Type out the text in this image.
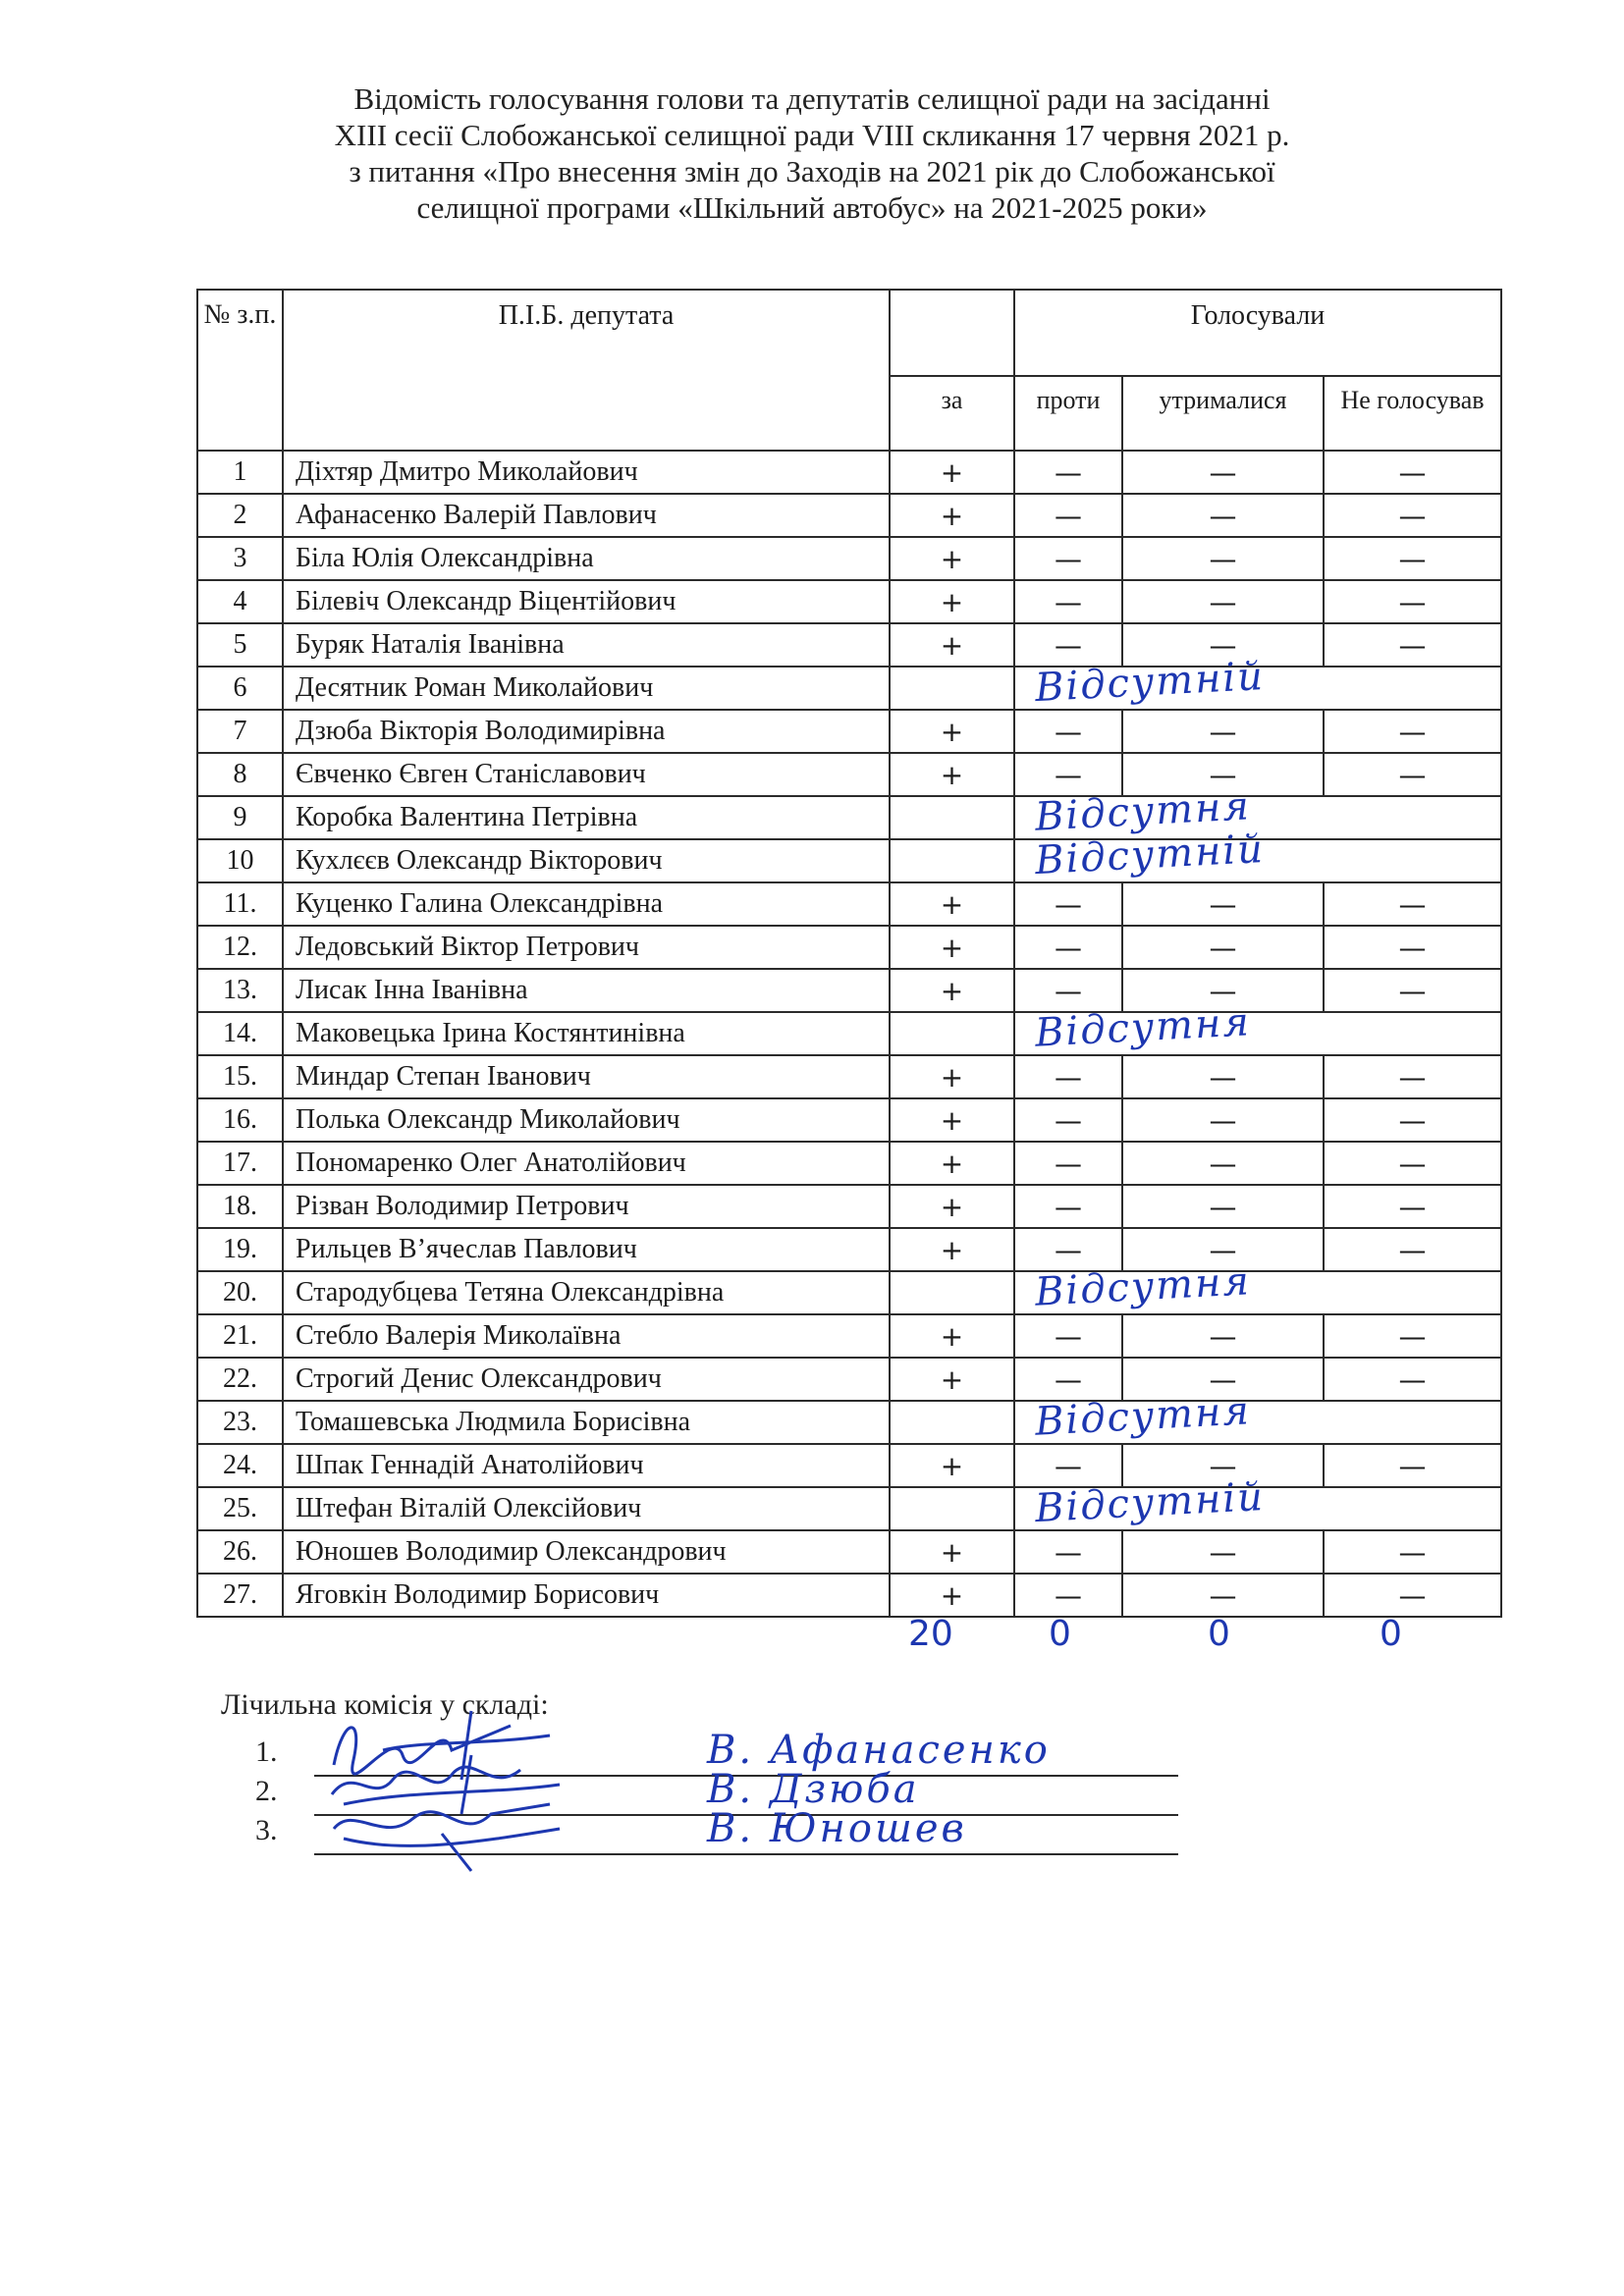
Відомість голосування голови та депутатів селищної ради на засіданні
XIII сесії Слобожанської селищної ради VIII скликання 17 червня 2021 р.
з питання «Про внесення змін до Заходів на 2021 рік до Слобожанської
селищної програми «Шкільний автобус» на 2021-2025 роки»
№ з.п.	П.І.Б. депутата		Голосували		

		за	проти	утрималися	Не голосував

1	Діхтяр Дмитро Миколайович	+	—	—	—
2	Афанасенко Валерій Павлович	+	—	—	—
3	Біла Юлія Олександрівна	+	—	—	—
4	Білевіч Олександр Віцентійович	+	—	—	—
5	Буряк Наталія Іванівна	+	—	—	—
6	Десятник Роман Миколайович		Відсутній		

7	Дзюба Вікторія Володимирівна	+	—	—	—
8	Євченко Євген Станіславович	+	—	—	—
9	Коробка Валентина Петрівна		Відсутня		

10	Кухлєєв Олександр Вікторович		Відсутній		

11.	Куценко Галина Олександрівна	+	—	—	—
12.	Ледовський Віктор Петрович	+	—	—	—
13.	Лисак Інна Іванівна	+	—	—	—
14.	Маковецька Ірина Костянтинівна		Відсутня		

15.	Миндар Степан Іванович	+	—	—	—
16.	Полька Олександр Миколайович	+	—	—	—
17.	Пономаренко Олег Анатолійович	+	—	—	—
18.	Різван Володимир Петрович	+	—	—	—
19.	Рильцев В’ячеслав Павлович	+	—	—	—
20.	Стародубцева Тетяна Олександрівна		Відсутня		

21.	Стебло Валерія Миколаївна	+	—	—	—
22.	Строгий Денис Олександрович	+	—	—	—
23.	Томашевська Людмила Борисівна		Відсутня		

24.	Шпак Геннадій Анатолійович	+	—	—	—
25.	Штефан Віталій Олексійович		Відсутній		

26.	Юношев Володимир Олександрович	+	—	—	—
27.	Яговкін Володимир Борисович	+	—	—	—
20	0	0	0
Лічильна комісія у складі:
1.	В. Афанасенко
2.	В. Дзюба
3.	В. Юношев
